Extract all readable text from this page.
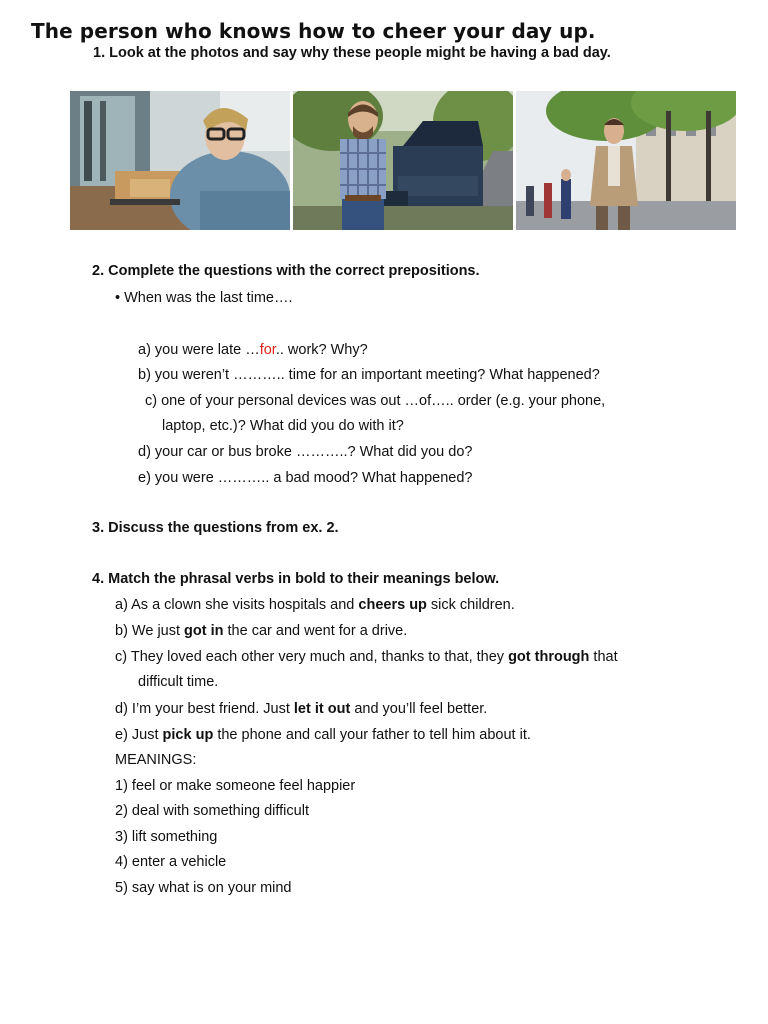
The person who knows how to cheer your day up.
1. Look at the photos and say why these people might be having a bad day.
2. Complete the questions with the correct prepositions.
• When was the last time….
a) you were late …for.. work? Why?
b) you weren’t ……….. time for an important meeting? What happened?
c) one of your personal devices was out …of….. order (e.g. your phone,
laptop, etc.)? What did you do with it?
d) your car or bus broke ………..? What did you do?
e) you were ……….. a bad mood? What happened?
3. Discuss the questions from ex. 2.
4. Match the phrasal verbs in bold to their meanings below.
a) As a clown she visits hospitals and cheers up sick children.
b) We just got in the car and went for a drive.
c) They loved each other very much and, thanks to that, they got through that
difficult time.
d) I’m your best friend. Just let it out and you’ll feel better.
e) Just pick up the phone and call your father to tell him about it.
MEANINGS:
1) feel or make someone feel happier
2) deal with something difficult
3) lift something
4) enter a vehicle
5) say what is on your mind
